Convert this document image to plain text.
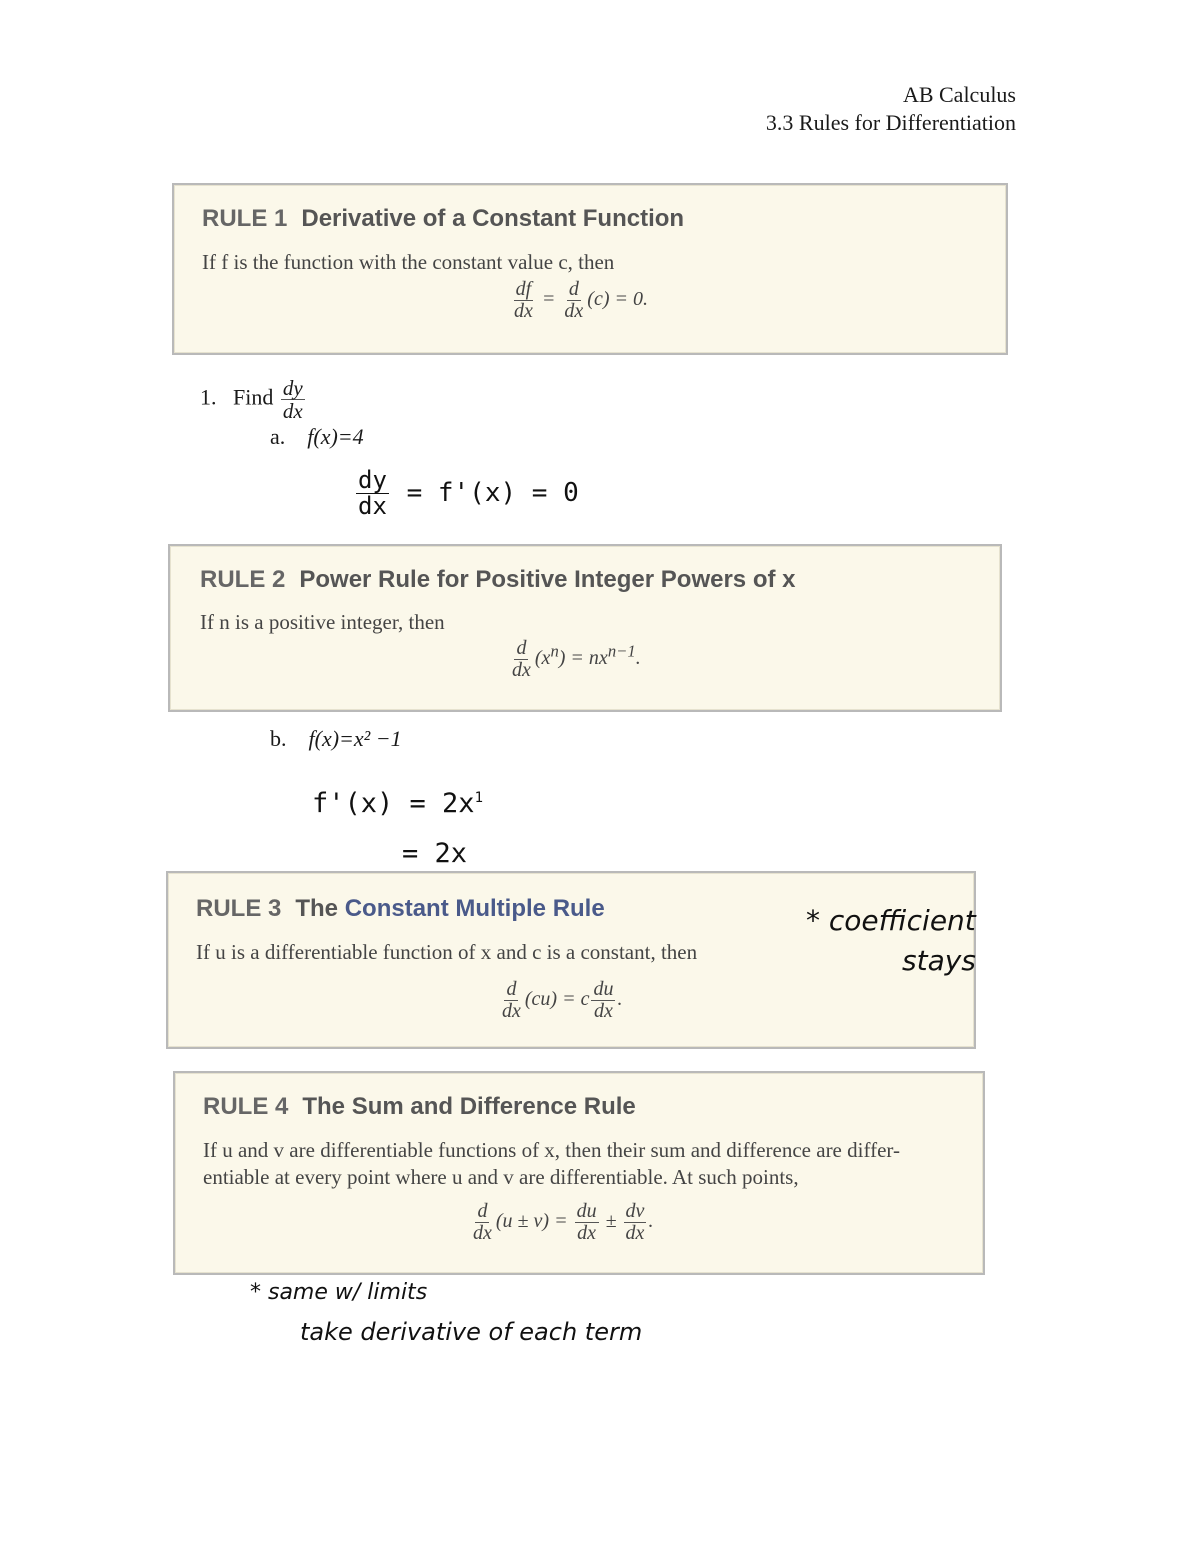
AB Calculus
3.3 Rules for Differentiation
RULE 1 Derivative of a Constant Function
If f is the function with the constant value c, then
$\frac{df}{dx} = \frac{d}{dx} (c) = 0$.
1. Find $\frac{dy}{dx}$
a. f(x)=4
$\frac{dy}{dx} = f'(x) = 0$
RULE 2 Power Rule for Positive Integer Powers of x
If n is a positive integer, then
$\frac{d}{dx} (x^n) = nx^{n-1}$.
b. f(x)=x² −1
$f'(x) = 2x^1$
= 2x
RULE 3 The Constant Multiple Rule
If u is a differentiable function of x and c is a constant, then
$\frac{d}{dx} (cu) = c \frac{du}{dx}$ .
* coefficient
stays
RULE 4 The Sum and Difference Rule
If u and v are differentiable functions of x, then their sum and difference are differ-
entiable at every point where u and v are differentiable. At such points,
$\frac{d}{dx} (u \pm v) = \frac{du}{dx} \pm \frac{dv}{dx}$ .
* same w/ limits
take derivative of each term
